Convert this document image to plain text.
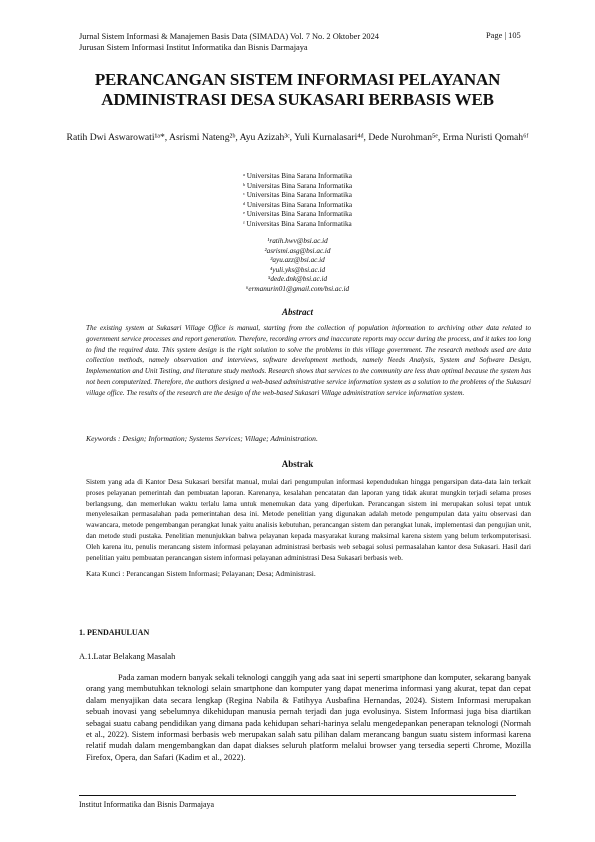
Jurnal Sistem Informasi & Manajemen Basis Data (SIMADA) Vol. 7 No. 2 Oktober 2024
Jurusan Sistem Informasi Institut Informatika dan Bisnis Darmajaya
Page | 105
PERANCANGAN SISTEM INFORMASI PELAYANAN
ADMINISTRASI DESA SUKASARI BERBASIS WEB
Ratih Dwi Aswarowati¹ᵃ*, Asrismi Nateng²ᵇ, Ayu Azizah³ᶜ, Yuli Kurnalasari⁴ᵈ, Dede Nurohman⁵ᵉ, Erma Nuristi Qomah⁶ᶠ
ᵃ Universitas Bina Sarana Informatika
ᵇ Universitas Bina Sarana Informatika
ᶜ Universitas Bina Sarana Informatika
ᵈ Universitas Bina Sarana Informatika
ᵉ Universitas Bina Sarana Informatika
ᶠ Universitas Bina Sarana Informatika
¹ratih.hwv@bsi.ac.id
²asrismi.asg@bsi.ac.id
³ayu.azz@bsi.ac.id
⁴yuli.yks@bsi.ac.id
⁵dede.dnk@bsi.ac.id
⁶ermanurin01@gmail.com/bsi.ac.id
Abstract

The existing system at Sukasari Village Office is manual, starting from the collection of population information to archiving other data related to government service processes and report generation. Therefore, recording errors and inaccurate reports may occur during the process, and it takes too long to find the required data. This system design is the right solution to solve the problems in this village government. The research methods used are data collection methods, namely observation and interviews, software development methods, namely Needs Analysis, System and Software Design, Implementation and Unit Testing, and literature study methods. Research shows that services to the community are less than optimal because the system has not been computerized. Therefore, the authors designed a web-based administrative service information system as a solution to the problems of the Sukasari village office. The results of the research are the design of the web-based Sukasari Village administration service information system.

Keywords : Design; Information; Systems Services; Village; Administration.
Abstrak

Sistem yang ada di Kantor Desa Sukasari bersifat manual, mulai dari pengumpulan informasi kependudukan hingga pengarsipan data-data lain terkait proses pelayanan pemerintah dan pembuatan laporan. Karenanya, kesalahan pencatatan dan laporan yang tidak akurat mungkin terjadi selama proses berlangsung, dan memerlukan waktu terlalu lama untuk menemukan data yang diperlukan. Perancangan sistem ini merupakan solusi tepat untuk menyelesaikan permasalahan pada pemerintahan desa ini. Metode penelitian yang digunakan adalah metode pengumpulan data yaitu observasi dan wawancara, metode pengembangan perangkat lunak yaitu analisis kebutuhan, perancangan sistem dan perangkat lunak, implementasi dan pengujian unit, dan metode studi pustaka. Penelitian menunjukkan bahwa pelayanan kepada masyarakat kurang maksimal karena sistem yang belum terkomputerisasi. Oleh karena itu, penulis merancang sistem informasi pelayanan administrasi berbasis web sebagai solusi permasalahan kantor desa Sukasari. Hasil dari penelitian yaitu pembuatan perancangan sistem informasi pelayanan administrasi Desa Sukasari berbasis web.

Kata Kunci : Perancangan Sistem Informasi; Pelayanan; Desa; Administrasi.
1. PENDAHULUAN
A.1.Latar Belakang Masalah

Pada zaman modern banyak sekali teknologi canggih yang ada saat ini seperti smartphone dan komputer, sekarang banyak orang yang membutuhkan teknologi selain smartphone dan komputer yang dapat menerima informasi yang akurat, tepat dan cepat dalam menyajikan data secara lengkap (Regina Nabila & Fatihyya Ausbafina Hernandas, 2024). Sistem Informasi merupakan sebuah inovasi yang sebelumnya dikehidupan manusia pernah terjadi dan juga evolusinya. Sistem Informasi juga bisa diartikan sebagai suatu cabang pendidikan yang dimana pada kehidupan sehari-harinya selalu mengedepankan penerapan teknologi (Normah et al., 2022). Sistem informasi berbasis web merupakan salah satu pilihan dalam merancang bangun suatu sistem informasi karena relatif mudah dalam mengembangkan dan dapat diakses seluruh platform melalui browser yang tersedia seperti Chrome, Mozilla Firefox, Opera, dan Safari (Kadim et al., 2022).

Institut Informatika dan Bisnis Darmajaya
